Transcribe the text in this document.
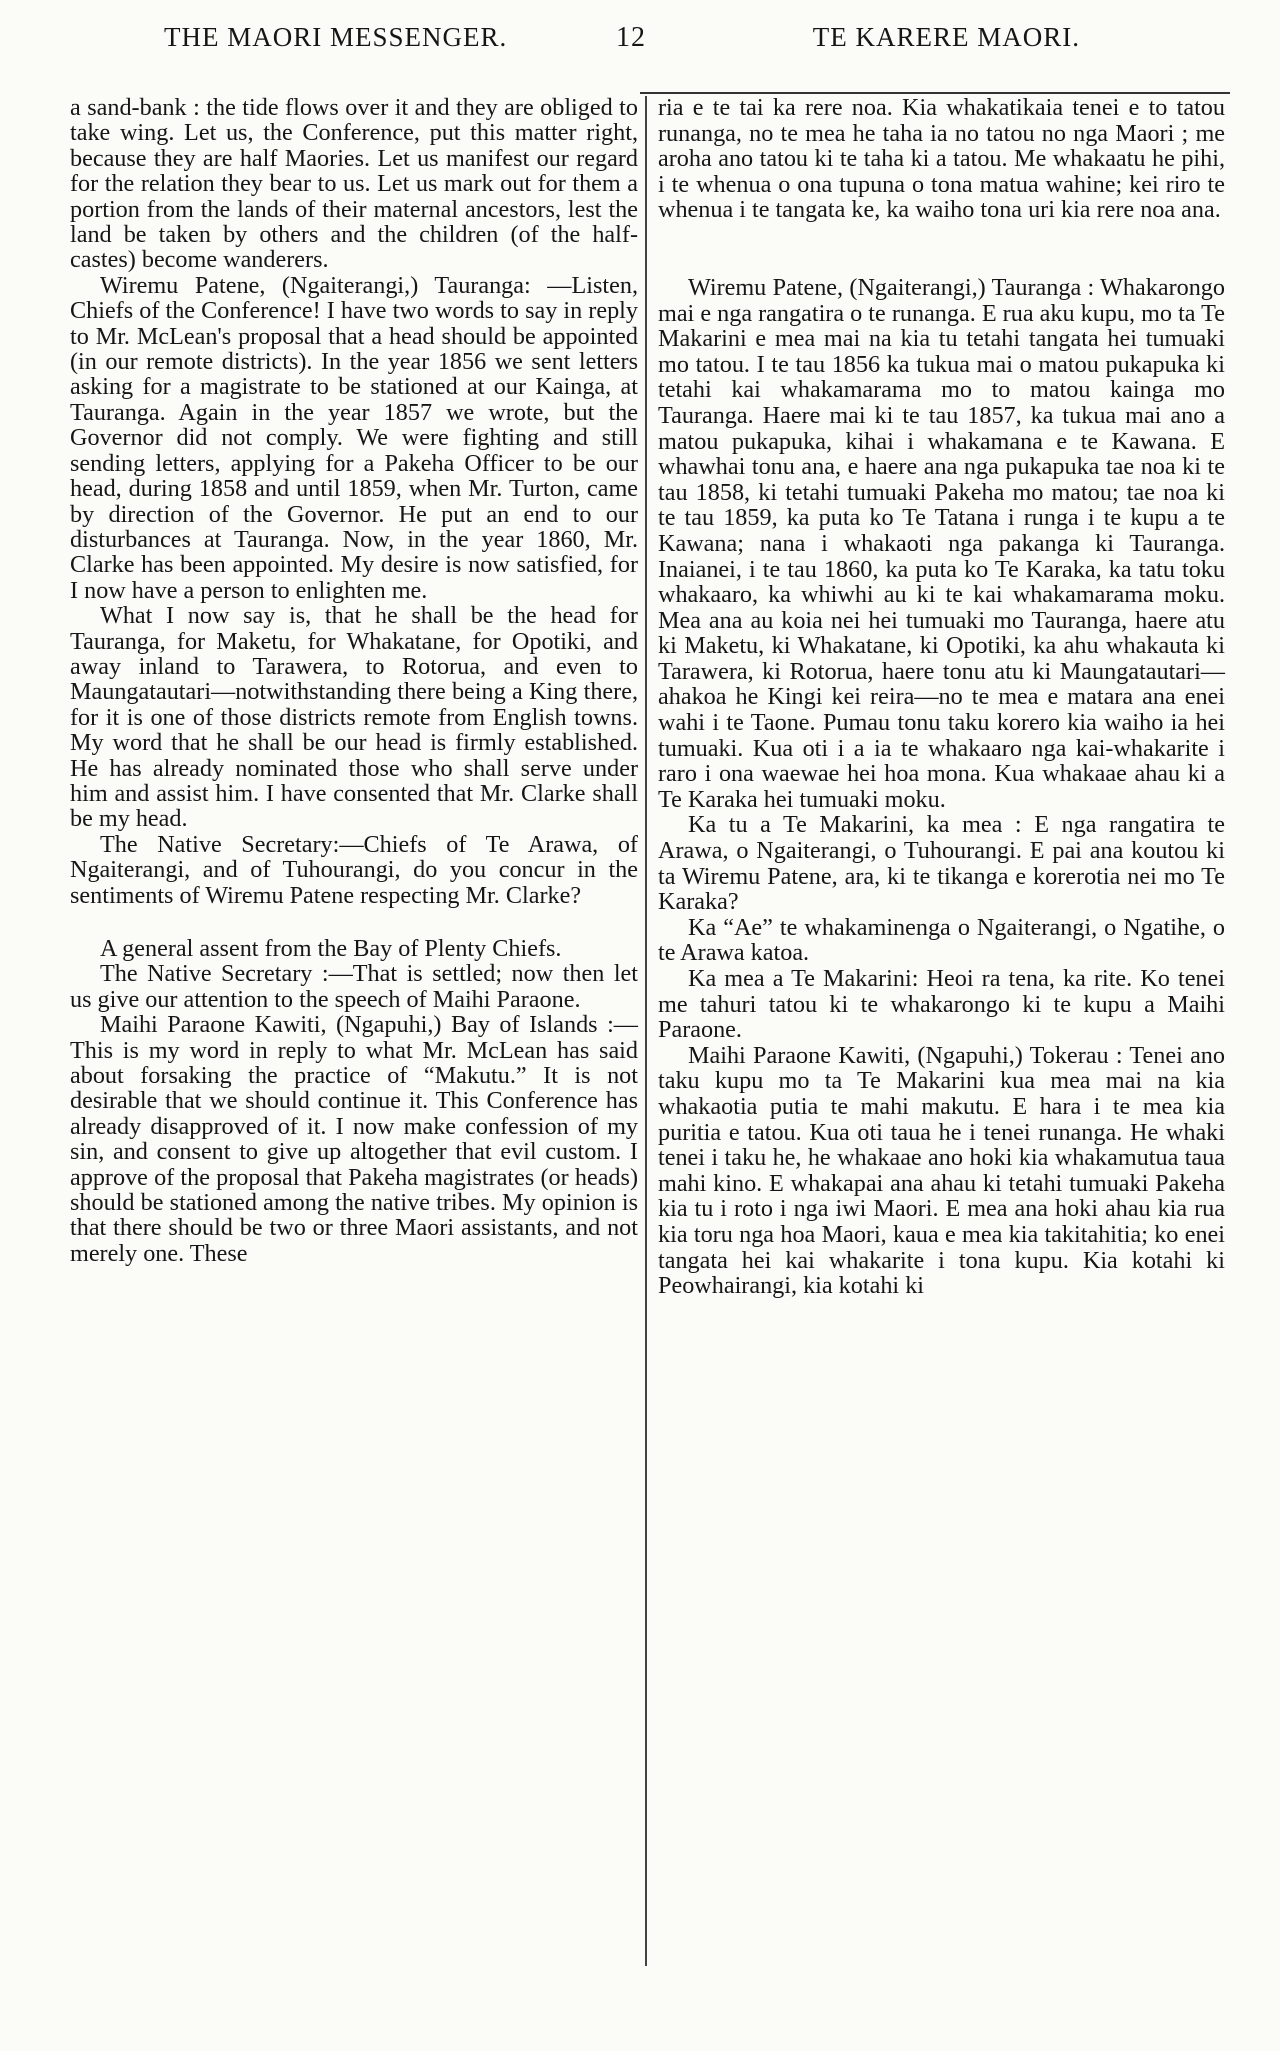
THE MAORI MESSENGER.	12	TE KARERE MAORI.

a sand-bank : the tide flows over it and they are obliged to take wing. Let us, the Conference, put this matter right, because they are half Maories. Let us manifest our regard for the relation they bear to us. Let us mark out for them a portion from the lands of their maternal ancestors, lest the land be taken by others and the children (of the half-castes) become wanderers.

Wiremu Patene, (Ngaiterangi,) Tauranga: —Listen, Chiefs of the Conference! I have two words to say in reply to Mr. McLean's proposal that a head should be appointed (in our remote districts). In the year 1856 we sent letters asking for a magistrate to be stationed at our Kainga, at Tauranga. Again in the year 1857 we wrote, but the Governor did not comply. We were fighting and still sending letters, applying for a Pakeha Officer to be our head, during 1858 and until 1859, when Mr. Turton, came by direction of the Governor. He put an end to our disturbances at Tauranga. Now, in the year 1860, Mr. Clarke has been appointed. My desire is now satisfied, for I now have a person to enlighten me.

What I now say is, that he shall be the head for Tauranga, for Maketu, for Whakatane, for Opotiki, and away inland to Tarawera, to Rotorua, and even to Maungatautari—notwithstanding there being a King there, for it is one of those districts remote from English towns. My word that he shall be our head is firmly established. He has already nominated those who shall serve under him and assist him. I have consented that Mr. Clarke shall be my head.

The Native Secretary:—Chiefs of Te Arawa, of Ngaiterangi, and of Tuhourangi, do you concur in the sentiments of Wiremu Patene respecting Mr. Clarke?

A general assent from the Bay of Plenty Chiefs.

The Native Secretary :—That is settled; now then let us give our attention to the speech of Maihi Paraone.

Maihi Paraone Kawiti, (Ngapuhi,) Bay of Islands :—This is my word in reply to what Mr. McLean has said about forsaking the practice of “Makutu.” It is not desirable that we should continue it. This Conference has already disapproved of it. I now make confession of my sin, and consent to give up altogether that evil custom. I approve of the proposal that Pakeha magistrates (or heads) should be stationed among the native tribes. My opinion is that there should be two or three Maori assistants, and not merely one. These

ria e te tai ka rere noa. Kia whakatikaia tenei e to tatou runanga, no te mea he taha ia no tatou no nga Maori ; me aroha ano tatou ki te taha ki a tatou. Me whakaatu he pihi, i te whenua o ona tupuna o tona matua wahine; kei riro te whenua i te tangata ke, ka waiho tona uri kia rere noa ana.

Wiremu Patene, (Ngaiterangi,) Tauranga : Whakarongo mai e nga rangatira o te runanga. E rua aku kupu, mo ta Te Makarini e mea mai na kia tu tetahi tangata hei tumuaki mo tatou. I te tau 1856 ka tukua mai o matou pukapuka ki tetahi kai whakamarama mo to matou kainga mo Tauranga. Haere mai ki te tau 1857, ka tukua mai ano a matou pukapuka, kihai i whakamana e te Kawana. E whawhai tonu ana, e haere ana nga pukapuka tae noa ki te tau 1858, ki tetahi tumuaki Pakeha mo matou; tae noa ki te tau 1859, ka puta ko Te Tatana i runga i te kupu a te Kawana; nana i whakaoti nga pakanga ki Tauranga. Inaianei, i te tau 1860, ka puta ko Te Karaka, ka tatu toku whakaaro, ka whiwhi au ki te kai whakamarama moku. Mea ana au koia nei hei tumuaki mo Tauranga, haere atu ki Maketu, ki Whakatane, ki Opotiki, ka ahu whakauta ki Tarawera, ki Rotorua, haere tonu atu ki Maungatautari—ahakoa he Kingi kei reira—no te mea e matara ana enei wahi i te Taone. Pumau tonu taku korero kia waiho ia hei tumuaki. Kua oti i a ia te whakaaro nga kai-whakarite i raro i ona waewae hei hoa mona. Kua whakaae ahau ki a Te Karaka hei tumuaki moku.

Ka tu a Te Makarini, ka mea : E nga rangatira te Arawa, o Ngaiterangi, o Tuhourangi. E pai ana koutou ki ta Wiremu Patene, ara, ki te tikanga e korerotia nei mo Te Karaka?

Ka “Ae” te whakaminenga o Ngaiterangi, o Ngatihe, o te Arawa katoa.

Ka mea a Te Makarini: Heoi ra tena, ka rite. Ko tenei me tahuri tatou ki te whakarongo ki te kupu a Maihi Paraone.

Maihi Paraone Kawiti, (Ngapuhi,) Tokerau : Tenei ano taku kupu mo ta Te Makarini kua mea mai na kia whakaotia putia te mahi makutu. E hara i te mea kia puritia e tatou. Kua oti taua he i tenei runanga. He whaki tenei i taku he, he whakaae ano hoki kia whakamutua taua mahi kino. E whakapai ana ahau ki tetahi tumuaki Pakeha kia tu i roto i nga iwi Maori. E mea ana hoki ahau kia rua kia toru nga hoa Maori, kaua e mea kia takitahitia; ko enei tangata hei kai whakarite i tona kupu. Kia kotahi ki Peowhairangi, kia kotahi ki
